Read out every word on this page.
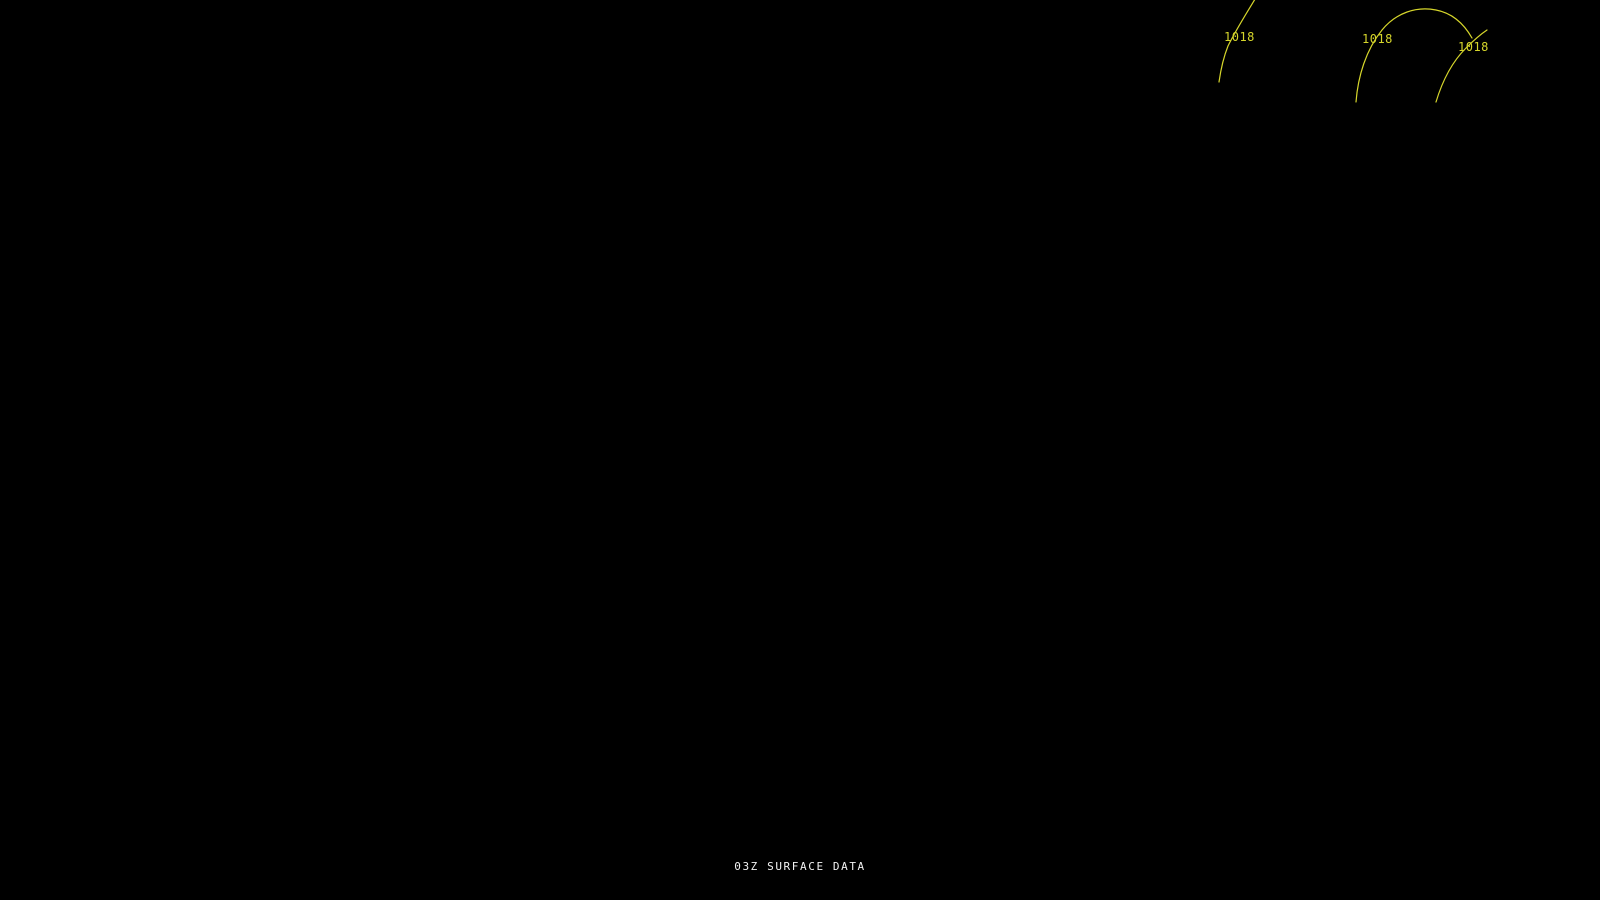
1018	1018
1018
03Z SURFACE DATA
